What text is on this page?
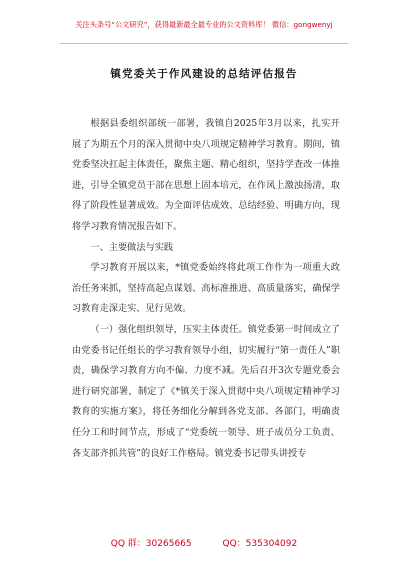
关注头条号“公文研究”，获得最新最全最专业的公文资料库！ 微信：gongwenyj
镇党委关于作风建设的总结评估报告

根据县委组织部统一部署，我镇自2025年3月以来，扎实开展了为期五个月的深入贯彻中央八项规定精神学习教育。期间，镇党委坚决扛起主体责任，聚焦主题、精心组织，坚持学查改一体推进，引导全镇党员干部在思想上固本培元，在作风上激浊扬清，取得了阶段性显著成效。为全面评估成效、总结经验、明确方向，现将学习教育情况报告如下。

一、主要做法与实践

学习教育开展以来，*镇党委始终将此项工作作为一项重大政治任务来抓，坚持高起点谋划、高标准推进、高质量落实，确保学习教育走深走实、见行见效。

（一）强化组织领导，压实主体责任。镇党委第一时间成立了由党委书记任组长的学习教育领导小组，切实履行“第一责任人”职责，确保学习教育方向不偏、力度不减。先后召开3次专题党委会进行研究部署，制定了《*镇关于深入贯彻中央八项规定精神学习教育的实施方案》，将任务细化分解到各党支部、各部门，明确责任分工和时间节点，形成了“党委统一领导、班子成员分工负责、各支部齐抓共管”的良好工作格局。镇党委书记带头讲授专

QQ 群：30265665	QQ：535304092
